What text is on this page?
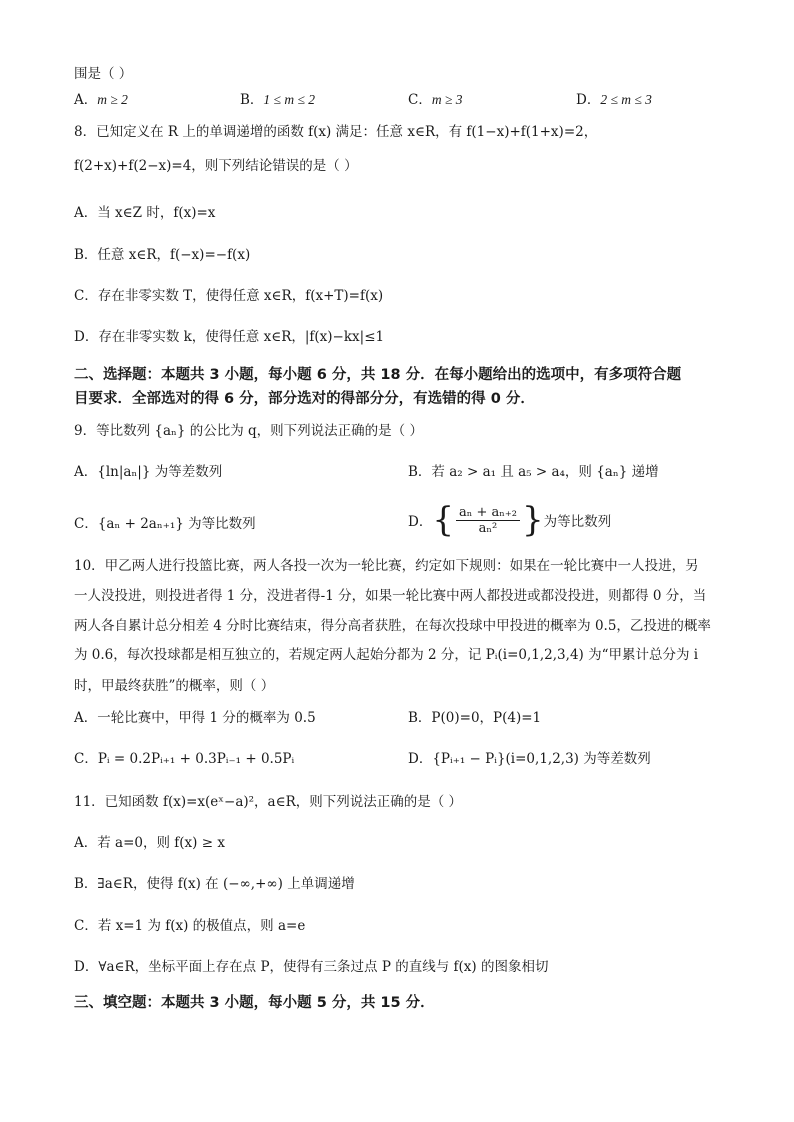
围是（ ）
A．m ≥ 2	B．1 ≤ m ≤ 2	C．m ≥ 3	D．2 ≤ m ≤ 3
8．已知定义在 R 上的单调递增的函数 f(x) 满足：任意 x∈R，有 f(1−x)+f(1+x)=2，
f(2+x)+f(2−x)=4，则下列结论错误的是（ ）
A．当 x∈Z 时，f(x)=x
B．任意 x∈R，f(−x)=−f(x)
C．存在非零实数 T，使得任意 x∈R，f(x+T)=f(x)
D．存在非零实数 k，使得任意 x∈R，|f(x)−kx|≤1
二、选择题：本题共 3 小题，每小题 6 分，共 18 分．在每小题给出的选项中，有多项符合题
目要求．全部选对的得 6 分，部分选对的得部分分，有选错的得 0 分．
9．等比数列 {aₙ} 的公比为 q，则下列说法正确的是（ ）
A．{ln|aₙ|} 为等差数列	B．若 a₂ > a₁ 且 a₅ > a₄，则 {aₙ} 递增
C．{aₙ + 2aₙ₊₁} 为等比数列	D． { $\frac{\text{aₙ + aₙ₊₂}}{\text{aₙ²}}$ } 为等比数列
10．甲乙两人进行投篮比赛，两人各投一次为一轮比赛，约定如下规则：如果在一轮比赛中一人投进，另
一人没投进，则投进者得 1 分，没进者得-1 分，如果一轮比赛中两人都投进或都没投进，则都得 0 分，当
两人各自累计总分相差 4 分时比赛结束，得分高者获胜，在每次投球中甲投进的概率为 0.5，乙投进的概率
为 0.6，每次投球都是相互独立的，若规定两人起始分都为 2 分，记 Pᵢ(i=0,1,2,3,4) 为“甲累计总分为 i
时，甲最终获胜”的概率，则（ ）
A．一轮比赛中，甲得 1 分的概率为 0.5	B．P(0)=0，P(4)=1
C．Pᵢ = 0.2Pᵢ₊₁ + 0.3Pᵢ₋₁ + 0.5Pᵢ	D．{Pᵢ₊₁ − Pᵢ}(i=0,1,2,3) 为等差数列
11．已知函数 f(x)=x(eˣ−a)²，a∈R，则下列说法正确的是（ ）
A．若 a=0，则 f(x) ≥ x
B．∃a∈R，使得 f(x) 在 (−∞,+∞) 上单调递增
C．若 x=1 为 f(x) 的极值点，则 a=e
D．∀a∈R，坐标平面上存在点 P，使得有三条过点 P 的直线与 f(x) 的图象相切
三、填空题：本题共 3 小题，每小题 5 分，共 15 分．
